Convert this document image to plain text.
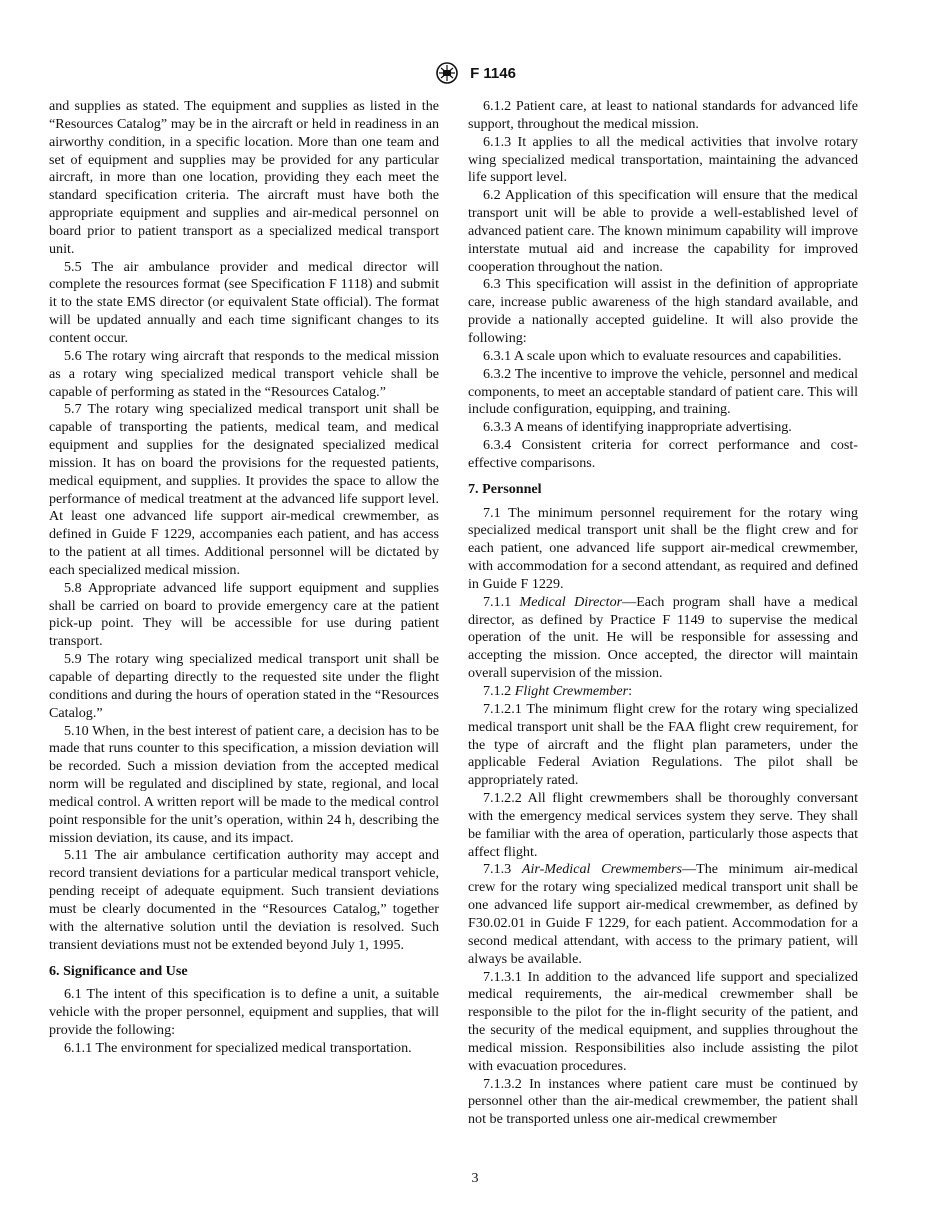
F 1146

and supplies as stated. The equipment and supplies as listed in the “Resources Catalog” may be in the aircraft or held in readiness in an airworthy condition, in a specific location. More than one team and set of equipment and supplies may be provided for any particular aircraft, in more than one location, providing they each meet the standard specification criteria. The aircraft must have both the appropriate equipment and supplies and air-medical personnel on board prior to patient transport as a specialized medical transport unit.

5.5 The air ambulance provider and medical director will complete the resources format (see Specification F 1118) and submit it to the state EMS director (or equivalent State official). The format will be updated annually and each time significant changes to its content occur.

5.6 The rotary wing aircraft that responds to the medical mission as a rotary wing specialized medical transport vehicle shall be capable of performing as stated in the “Resources Catalog.”

5.7 The rotary wing specialized medical transport unit shall be capable of transporting the patients, medical team, and medical equipment and supplies for the designated specialized medical mission. It has on board the provisions for the requested patients, medical equipment, and supplies. It provides the space to allow the performance of medical treatment at the advanced life support level. At least one advanced life support air-medical crewmember, as defined in Guide F 1229, accompanies each patient, and has access to the patient at all times. Additional personnel will be dictated by each specialized medical mission.

5.8 Appropriate advanced life support equipment and supplies shall be carried on board to provide emergency care at the patient pick-up point. They will be accessible for use during patient transport.

5.9 The rotary wing specialized medical transport unit shall be capable of departing directly to the requested site under the flight conditions and during the hours of operation stated in the “Resources Catalog.”

5.10 When, in the best interest of patient care, a decision has to be made that runs counter to this specification, a mission deviation will be recorded. Such a mission deviation from the accepted medical norm will be regulated and disciplined by state, regional, and local medical control. A written report will be made to the medical control point responsible for the unit’s operation, within 24 h, describing the mission deviation, its cause, and its impact.

5.11 The air ambulance certification authority may accept and record transient deviations for a particular medical transport vehicle, pending receipt of adequate equipment. Such transient deviations must be clearly documented in the “Resources Catalog,” together with the alternative solution until the deviation is resolved. Such transient deviations must not be extended beyond July 1, 1995.

6. Significance and Use

6.1 The intent of this specification is to define a unit, a suitable vehicle with the proper personnel, equipment and supplies, that will provide the following:

6.1.1 The environment for specialized medical transportation.

6.1.2 Patient care, at least to national standards for advanced life support, throughout the medical mission.

6.1.3 It applies to all the medical activities that involve rotary wing specialized medical transportation, maintaining the advanced life support level.

6.2 Application of this specification will ensure that the medical transport unit will be able to provide a well-established level of advanced patient care. The known minimum capability will improve interstate mutual aid and increase the capability for improved cooperation throughout the nation.

6.3 This specification will assist in the definition of appropriate care, increase public awareness of the high standard available, and provide a nationally accepted guideline. It will also provide the following:

6.3.1 A scale upon which to evaluate resources and capabilities.

6.3.2 The incentive to improve the vehicle, personnel and medical components, to meet an acceptable standard of patient care. This will include configuration, equipping, and training.

6.3.3 A means of identifying inappropriate advertising.

6.3.4 Consistent criteria for correct performance and cost-effective comparisons.

7. Personnel

7.1 The minimum personnel requirement for the rotary wing specialized medical transport unit shall be the flight crew and for each patient, one advanced life support air-medical crewmember, with accommodation for a second attendant, as required and defined in Guide F 1229.

7.1.1 Medical Director—Each program shall have a medical director, as defined by Practice F 1149 to supervise the medical operation of the unit. He will be responsible for assessing and accepting the mission. Once accepted, the director will maintain overall supervision of the mission.

7.1.2 Flight Crewmember:

7.1.2.1 The minimum flight crew for the rotary wing specialized medical transport unit shall be the FAA flight crew requirement, for the type of aircraft and the flight plan parameters, under the applicable Federal Aviation Regulations. The pilot shall be appropriately rated.

7.1.2.2 All flight crewmembers shall be thoroughly conversant with the emergency medical services system they serve. They shall be familiar with the area of operation, particularly those aspects that affect flight.

7.1.3 Air-Medical Crewmembers—The minimum air-medical crew for the rotary wing specialized medical transport unit shall be one advanced life support air-medical crewmember, as defined by F30.02.01 in Guide F 1229, for each patient. Accommodation for a second medical attendant, with access to the primary patient, will always be available.

7.1.3.1 In addition to the advanced life support and specialized medical requirements, the air-medical crewmember shall be responsible to the pilot for the in-flight security of the patient, and the security of the medical equipment, and supplies throughout the medical mission. Responsibilities also include assisting the pilot with evacuation procedures.

7.1.3.2 In instances where patient care must be continued by personnel other than the air-medical crewmember, the patient shall not be transported unless one air-medical crewmember

3
